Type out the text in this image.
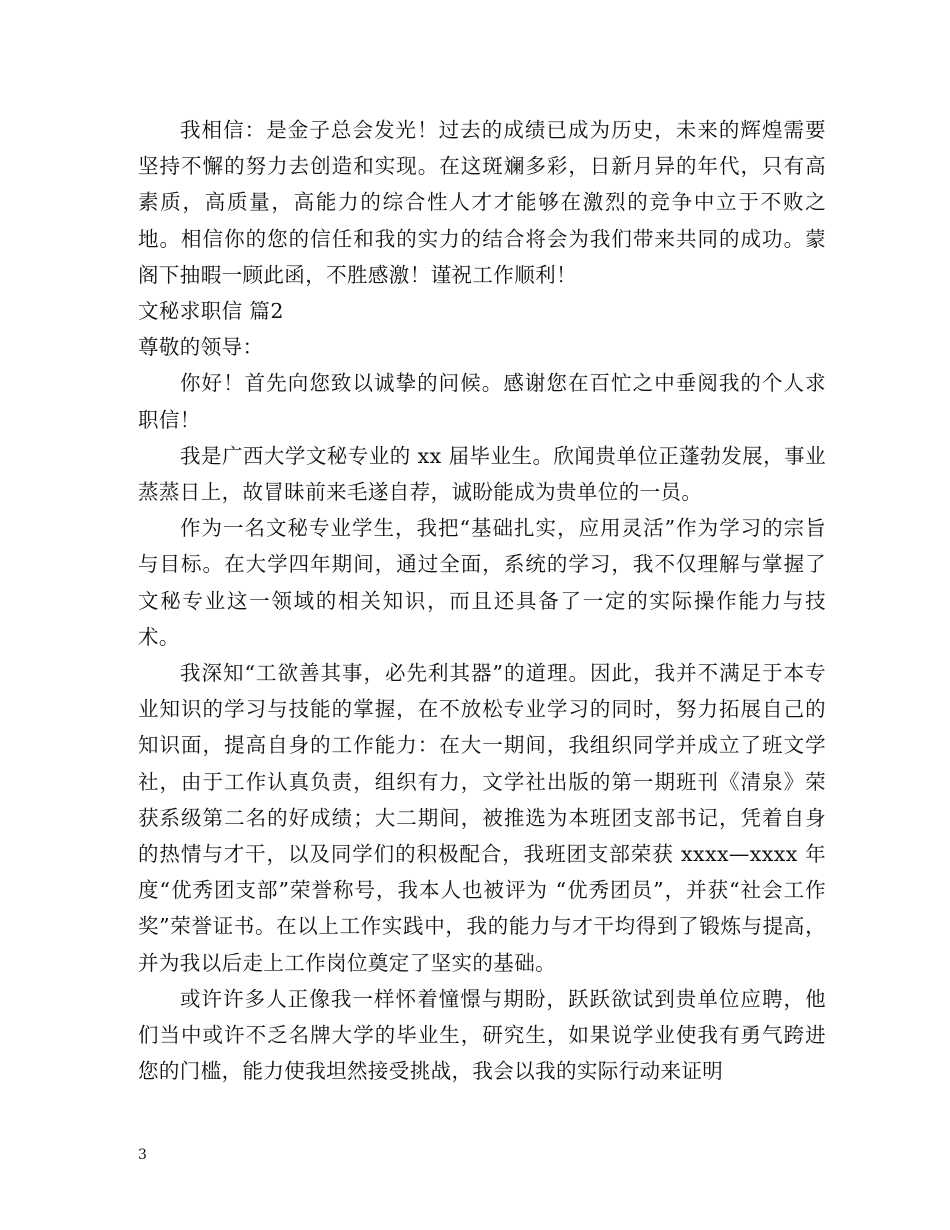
我相信：是金子总会发光！过去的成绩已成为历史，未来的辉煌需要坚持不懈的努力去创造和实现。在这斑斓多彩，日新月异的年代，只有高素质，高质量，高能力的综合性人才才能够在激烈的竞争中立于不败之地。相信你的您的信任和我的实力的结合将会为我们带来共同的成功。蒙阁下抽暇一顾此函，不胜感激！谨祝工作顺利！

文秘求职信 篇2

尊敬的领导：

你好！首先向您致以诚挚的问候。感谢您在百忙之中垂阅我的个人求职信！

我是广西大学文秘专业的 xx 届毕业生。欣闻贵单位正蓬勃发展，事业蒸蒸日上，故冒昧前来毛遂自荐，诚盼能成为贵单位的一员。

作为一名文秘专业学生，我把“基础扎实，应用灵活”作为学习的宗旨与目标。在大学四年期间，通过全面，系统的学习，我不仅理解与掌握了文秘专业这一领域的相关知识，而且还具备了一定的实际操作能力与技术。

我深知“工欲善其事，必先利其器”的道理。因此，我并不满足于本专业知识的学习与技能的掌握，在不放松专业学习的同时，努力拓展自己的知识面，提高自身的工作能力：在大一期间，我组织同学并成立了班文学社，由于工作认真负责，组织有力，文学社出版的第一期班刊《清泉》荣获系级第二名的好成绩；大二期间，被推选为本班团支部书记，凭着自身的热情与才干，以及同学们的积极配合，我班团支部荣获 xxxx—xxxx 年度“优秀团支部”荣誉称号，我本人也被评为 “优秀团员”，并获“社会工作奖”荣誉证书。在以上工作实践中，我的能力与才干均得到了锻炼与提高，并为我以后走上工作岗位奠定了坚实的基础。

或许许多人正像我一样怀着憧憬与期盼，跃跃欲试到贵单位应聘，他们当中或许不乏名牌大学的毕业生，研究生，如果说学业使我有勇气跨进您的门槛，能力使我坦然接受挑战，我会以我的实际行动来证明

3
